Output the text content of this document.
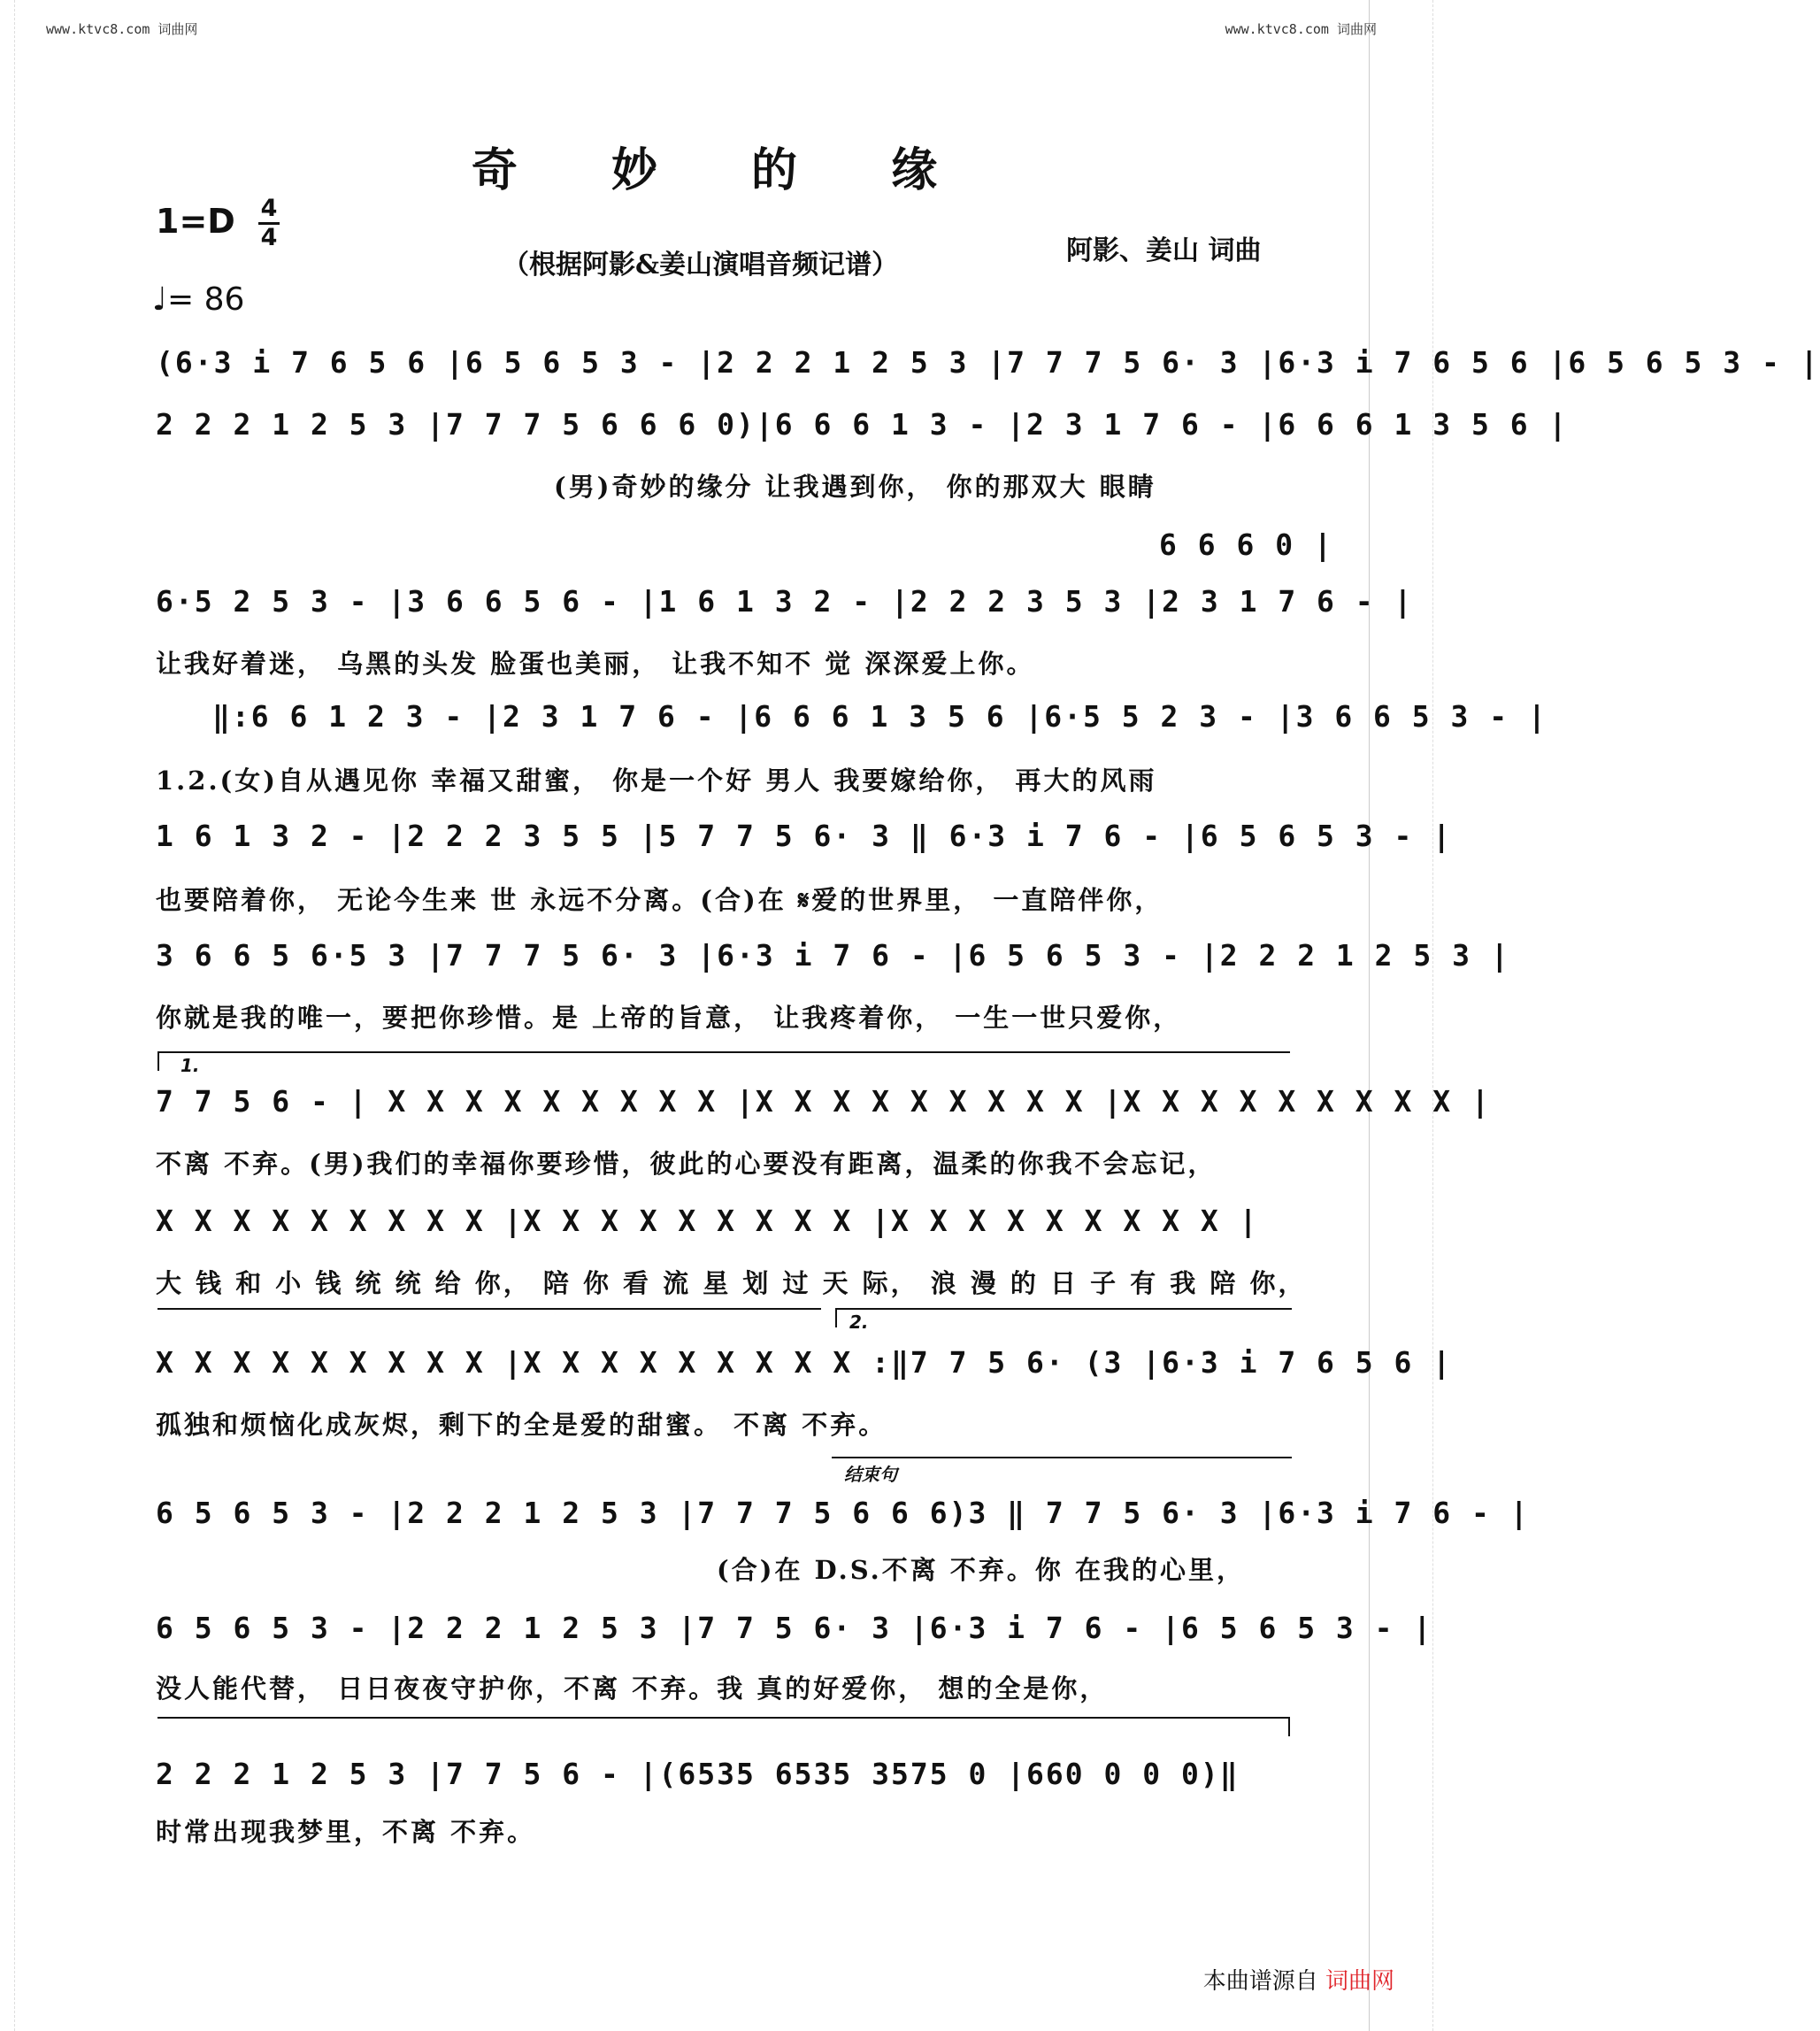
www.ktvc8.com 词曲网	www.ktvc8.com 词曲网
奇 妙 的 缘
1=D 4
4
♩= 86
（根据阿影&姜山演唱音频记谱）	阿影、姜山 词曲
(6·3 i 7 6 5 6 |6 5 6 5 3 - |2 2 2 1 2 5 3 |7 7 7 5 6· 3 |6·3 i 7 6 5 6 |6 5 6 5 3 - |
2 2 2 1 2 5 3 |7 7 7 5 6 6 6 0)|6 6 6 1 3 - |2 3 1 7 6 - |6 6 6 1 3 5 6 |
(男)奇妙的缘分 让我遇到你， 你的那双大 眼睛
6 6 6 0 |
6·5 2 5 3 - |3 6 6 5 6 - |1 6 1 3 2 - |2 2 2 3 5 3 |2 3 1 7 6 - |
让我好着迷， 乌黑的头发 脸蛋也美丽， 让我不知不 觉 深深爱上你。
‖:6 6 1 2 3 - |2 3 1 7 6 - |6 6 6 1 3 5 6 |6·5 5 2 3 - |3 6 6 5 3 - |
1.2.(女)自从遇见你 幸福又甜蜜， 你是一个好 男人 我要嫁给你， 再大的风雨
1 6 1 3 2 - |2 2 2 3 5 5 |5 7 7 5 6· 3 ‖ 6·3 i 7 6 - |6 5 6 5 3 - |
也要陪着你， 无论今生来 世 永远不分离。(合)在 𝄋爱的世界里， 一直陪伴你，
3 6 6 5 6·5 3 |7 7 7 5 6· 3 |6·3 i 7 6 - |6 5 6 5 3 - |2 2 2 1 2 5 3 |
你就是我的唯一，要把你珍惜。是 上帝的旨意， 让我疼着你， 一生一世只爱你，
1.
7 7 5 6 - | X X X X X X X X X |X X X X X X X X X |X X X X X X X X X |
不离 不弃。(男)我们的幸福你要珍惜，彼此的心要没有距离，温柔的你我不会忘记，
X X X X X X X X X |X X X X X X X X X |X X X X X X X X X |
大 钱 和 小 钱 统 统 给 你， 陪 你 看 流 星 划 过 天 际， 浪 漫 的 日 子 有 我 陪 你，
2.
X X X X X X X X X |X X X X X X X X X :‖7 7 5 6· (3 |6·3 i 7 6 5 6 |
孤独和烦恼化成灰烬，剩下的全是爱的甜蜜。 不离 不弃。
结束句
6 5 6 5 3 - |2 2 2 1 2 5 3 |7 7 7 5 6 6 6)3 ‖ 7 7 5 6· 3 |6·3 i 7 6 - |
(合)在 D.S.不离 不弃。你 在我的心里，
6 5 6 5 3 - |2 2 2 1 2 5 3 |7 7 5 6· 3 |6·3 i 7 6 - |6 5 6 5 3 - |
没人能代替， 日日夜夜守护你，不离 不弃。我 真的好爱你， 想的全是你，
2 2 2 1 2 5 3 |7 7 5 6 - |(6535 6535 3575 0 |660 0 0 0)‖
时常出现我梦里，不离 不弃。
本曲谱源自 词曲网
